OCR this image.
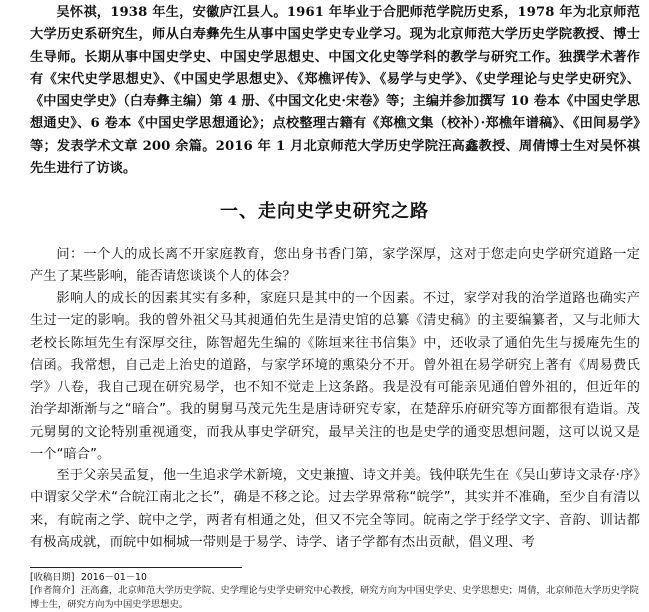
吴怀祺，1938 年生，安徽庐江县人。1961 年毕业于合肥师范学院历史系，1978 年为北京师范大学历史系研究生，师从白寿彝先生从事中国史学史专业学习。现为北京师范大学历史学院教授、博士生导师。长期从事中国史学史、中国史学思想史、中国文化史等学科的教学与研究工作。独撰学术著作有《宋代史学思想史》、《中国史学思想史》、《郑樵评传》、《易学与史学》、《史学理论与史学史研究》、《中国史学史》（白寿彝主编）第 4 册、《中国文化史·宋卷》等；主编并参加撰写 10 卷本《中国史学思想通史》、6 卷本《中国史学思想通论》；点校整理古籍有《郑樵文集（校补）·郑樵年谱稿》、《田间易学》等；发表学术文章 200 余篇。2016 年 1 月北京师范大学历史学院汪高鑫教授、周倩博士生对吴怀祺先生进行了访谈。

一、走向史学史研究之路

问：一个人的成长离不开家庭教育，您出身书香门第，家学深厚，这对于您走向史学研究道路一定产生了某些影响，能否请您谈谈个人的体会？

影响人的成长的因素其实有多种，家庭只是其中的一个因素。不过，家学对我的治学道路也确实产生过一定的影响。我的曾外祖父马其昶通伯先生是清史馆的总纂《清史稿》的主要编纂者，又与北师大老校长陈垣先生有深厚交往，陈智超先生编的《陈垣来往书信集》中，还收录了通伯先生与援庵先生的信函。我常想，自己走上治史的道路，与家学环境的熏染分不开。曾外祖在易学研究上著有《周易费氏学》八卷，我自己现在研究易学，也不知不觉走上这条路。我是没有可能亲见通伯曾外祖的，但近年的治学却渐渐与之“暗合”。我的舅舅马茂元先生是唐诗研究专家，在楚辞乐府研究等方面都很有造诣。茂元舅舅的文论特别重视通变，而我从事史学研究，最早关注的也是史学的通变思想问题，这可以说又是一个“暗合”。

至于父亲吴孟复，他一生追求学术新境，文史兼擅、诗文并美。钱仲联先生在《吴山萝诗文录存·序》中谓家父学术“合皖江南北之长”，确是不移之论。过去学界常称“皖学”，其实并不准确，至少自有清以来，有皖南之学、皖中之学，两者有相通之处，但又不完全等同。皖南之学于经学文字、音韵、训诂都有极高成就，而皖中如桐城一带则是于易学、诗学、诸子学都有杰出贡献，倡义理、考

[收稿日期] 2016－01－10
[作者简介] 汪高鑫，北京师范大学历史学院、史学理论与史学史研究中心教授，研究方向为中国史学史、史学思想史；周倩，北京师范大学历史学院博士生，研究方向为中国史学思想史。
